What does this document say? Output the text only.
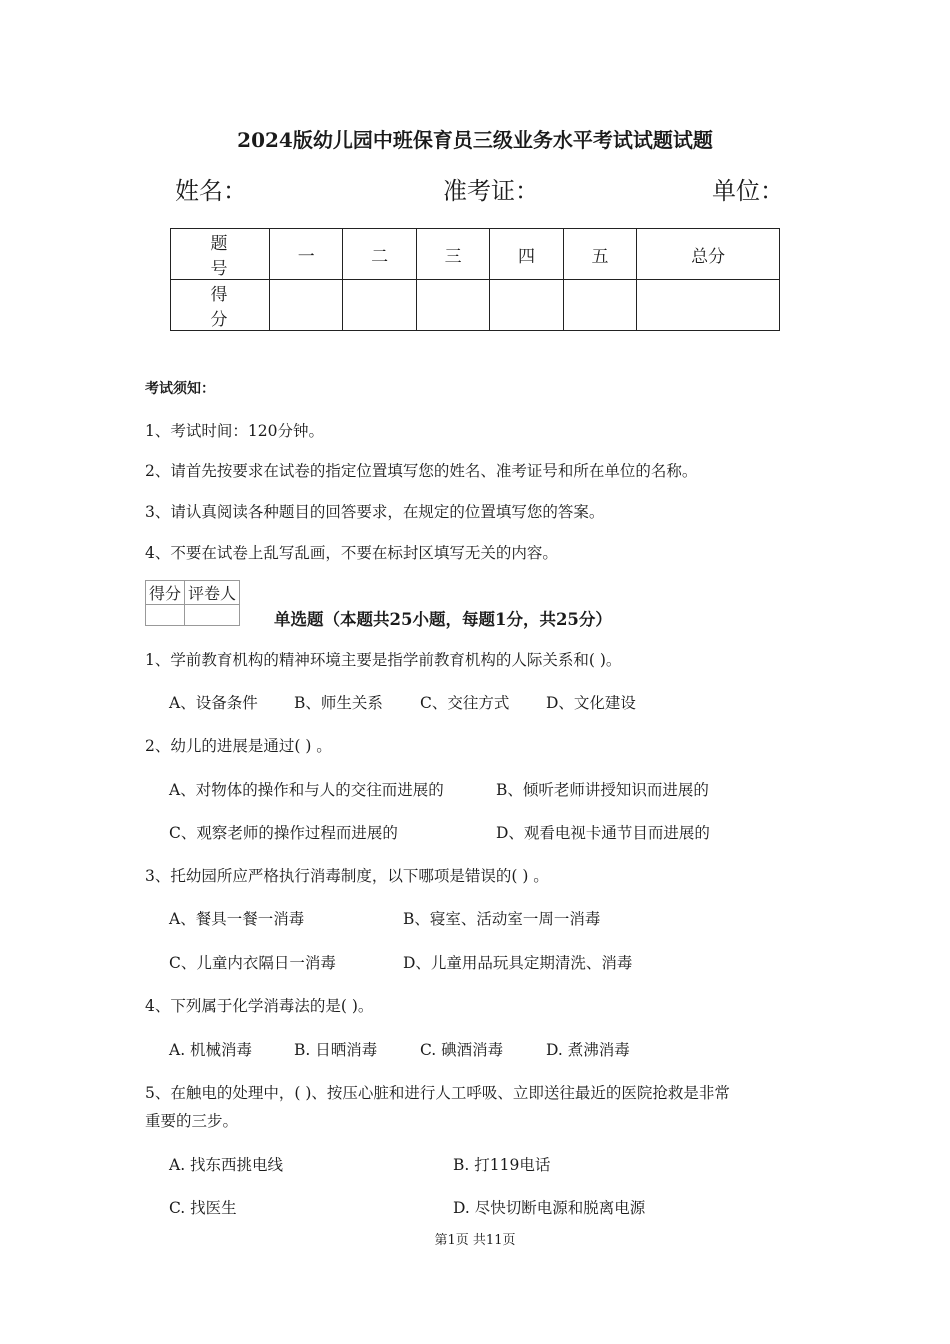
2024版幼儿园中班保育员三级业务水平考试试题试题
姓名：	准考证：	单位：
题　号	一	二	三	四	五	总分
得　分						
考试须知：
1、考试时间：120分钟。
2、请首先按要求在试卷的指定位置填写您的姓名、准考证号和所在单位的名称。
3、请认真阅读各种题目的回答要求，在规定的位置填写您的答案。
4、不要在试卷上乱写乱画，不要在标封区填写无关的内容。
得分	评卷人

单选题（本题共25小题，每题1分，共25分）
1、学前教育机构的精神环境主要是指学前教育机构的人际关系和( )。
A、设备条件 B、师生关系 C、交往方式 D、文化建设
2、幼儿的进展是通过( ) 。
A、对物体的操作和与人的交往而进展的	B、倾听老师讲授知识而进展的
C、观察老师的操作过程而进展的	D、观看电视卡通节目而进展的
3、托幼园所应严格执行消毒制度，以下哪项是错误的( ) 。
A、餐具一餐一消毒	B、寝室、活动室一周一消毒
C、儿童内衣隔日一消毒	D、儿童用品玩具定期清洗、消毒
4、下列属于化学消毒法的是( )。
A. 机械消毒	B. 日晒消毒	C. 碘酒消毒	D. 煮沸消毒
5、在触电的处理中，( )、按压心脏和进行人工呼吸、立即送往最近的医院抢救是非常
重要的三步。
A. 找东西挑电线	B. 打119电话
C. 找医生	D. 尽快切断电源和脱离电源
第1页 共11页
